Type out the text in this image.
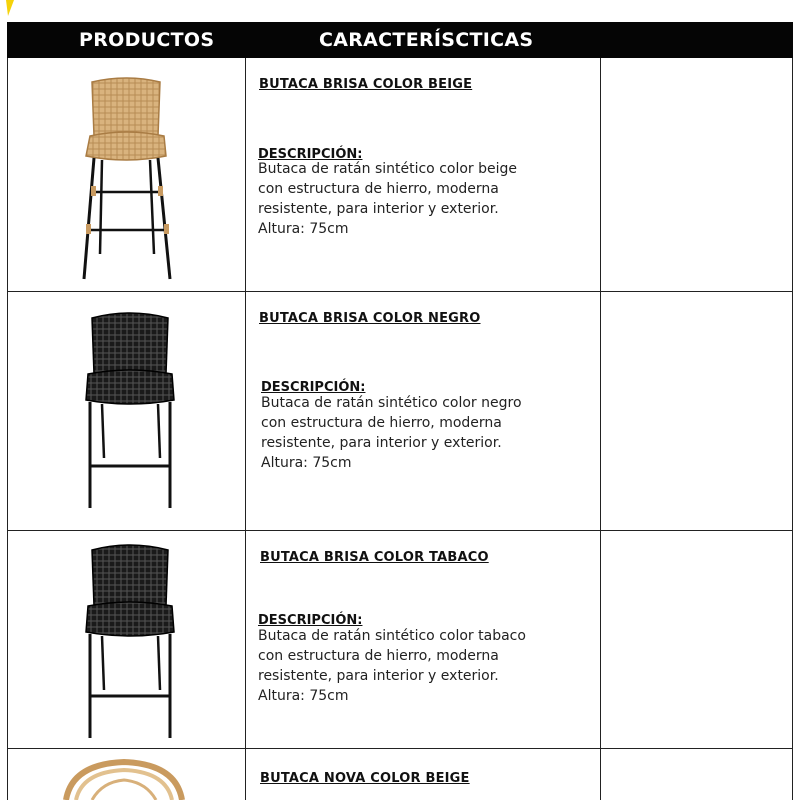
PRODUCTOS	CARACTERÍSCTICAS
BUTACA BRISA COLOR BEIGE
DESCRIPCIÓN:
Butaca de ratán sintético color beige
con estructura de hierro, moderna
resistente, para interior y exterior.
Altura: 75cm
BUTACA BRISA COLOR NEGRO
DESCRIPCIÓN:
Butaca de ratán sintético color negro
con estructura de hierro, moderna
resistente, para interior y exterior.
Altura: 75cm
BUTACA BRISA COLOR TABACO
DESCRIPCIÓN:
Butaca de ratán sintético color tabaco
con estructura de hierro, moderna
resistente, para interior y exterior.
Altura: 75cm
BUTACA NOVA COLOR BEIGE
